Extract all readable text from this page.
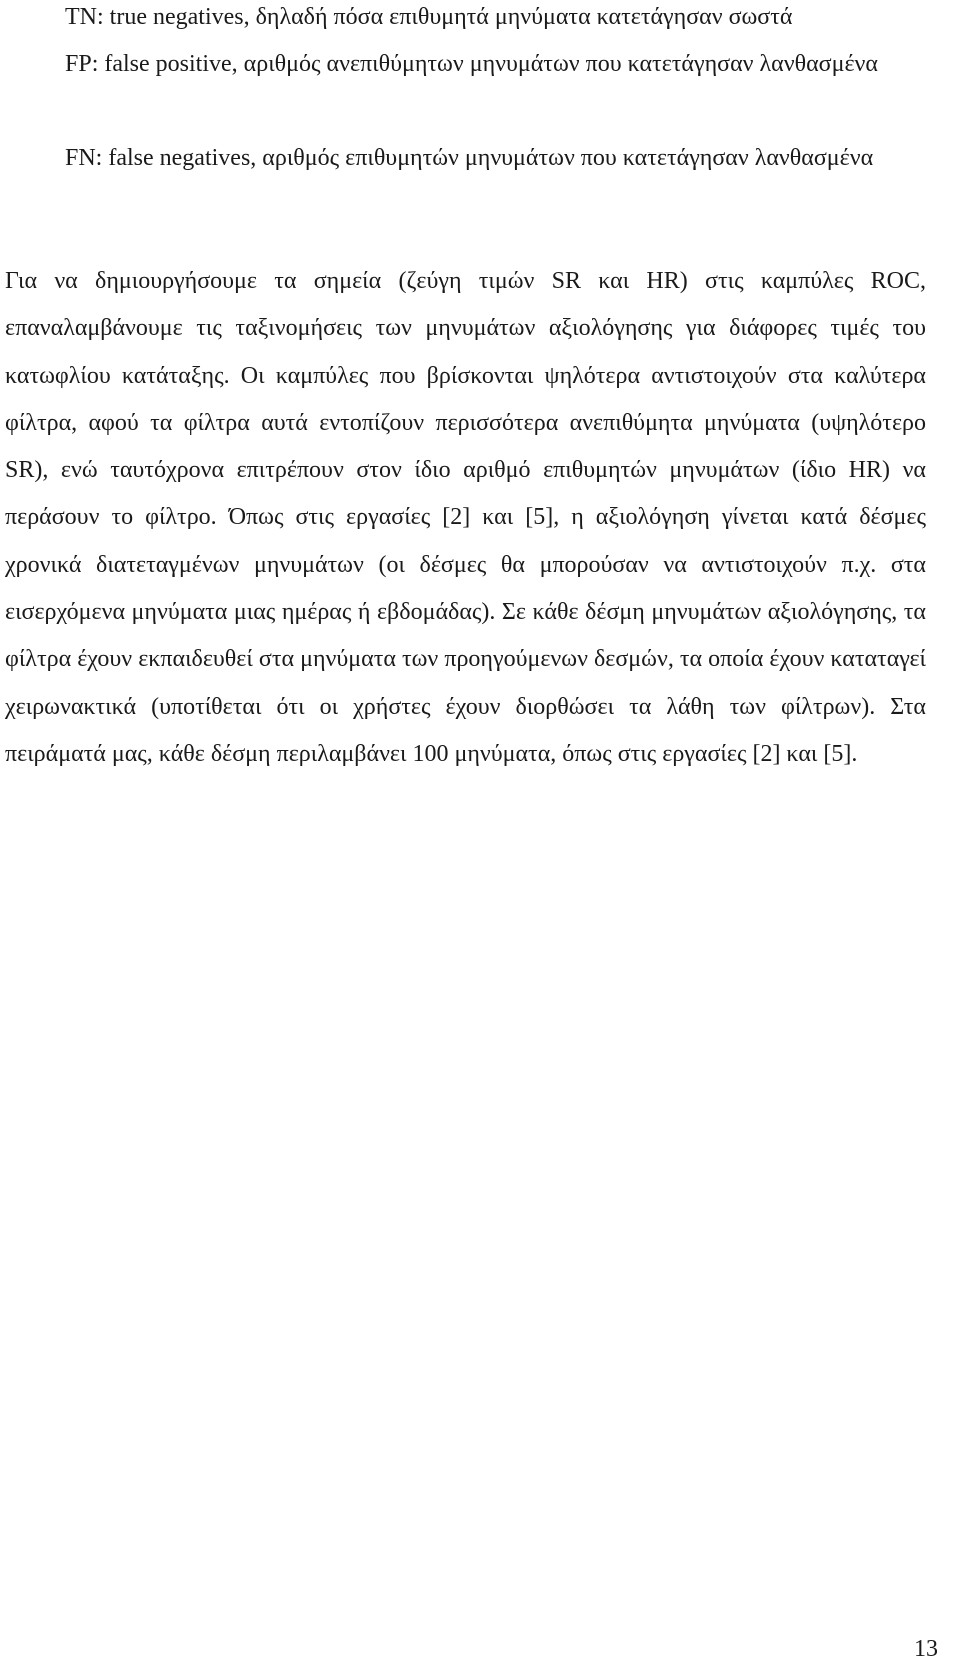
TN: true negatives, δηλαδή πόσα επιθυμητά μηνύματα κατετάγησαν σωστά

FP: false positive, αριθμός ανεπιθύμητων μηνυμάτων που κατετάγησαν λανθασμένα

FN: false negatives, αριθμός επιθυμητών μηνυμάτων που κατετάγησαν λανθασμένα

Για να δημιουργήσουμε τα σημεία (ζεύγη τιμών SR και HR) στις καμπύλες ROC, επαναλαμβάνουμε τις ταξινομήσεις των μηνυμάτων αξιολόγησης για διάφορες τιμές του κατωφλίου κατάταξης. Οι καμπύλες που βρίσκονται ψηλότερα αντιστοιχούν στα καλύτερα φίλτρα, αφού τα φίλτρα αυτά εντοπίζουν περισσότερα ανεπιθύμητα μηνύματα (υψηλότερο SR), ενώ ταυτόχρονα επιτρέπουν στον ίδιο αριθμό επιθυμητών μηνυμάτων (ίδιο HR) να περάσουν το φίλτρο. Όπως στις εργασίες [2] και [5], η αξιολόγηση γίνεται κατά δέσμες χρονικά διατεταγμένων μηνυμάτων (οι δέσμες θα μπορούσαν να αντιστοιχούν π.χ. στα εισερχόμενα μηνύματα μιας ημέρας ή εβδομάδας). Σε κάθε δέσμη μηνυμάτων αξιολόγησης, τα φίλτρα έχουν εκπαιδευθεί στα μηνύματα των προηγούμενων δεσμών, τα οποία έχουν καταταγεί χειρωνακτικά (υποτίθεται ότι οι χρήστες έχουν διορθώσει τα λάθη των φίλτρων). Στα πειράματά μας, κάθε δέσμη περιλαμβάνει 100 μηνύματα, όπως στις εργασίες [2] και [5].

13
